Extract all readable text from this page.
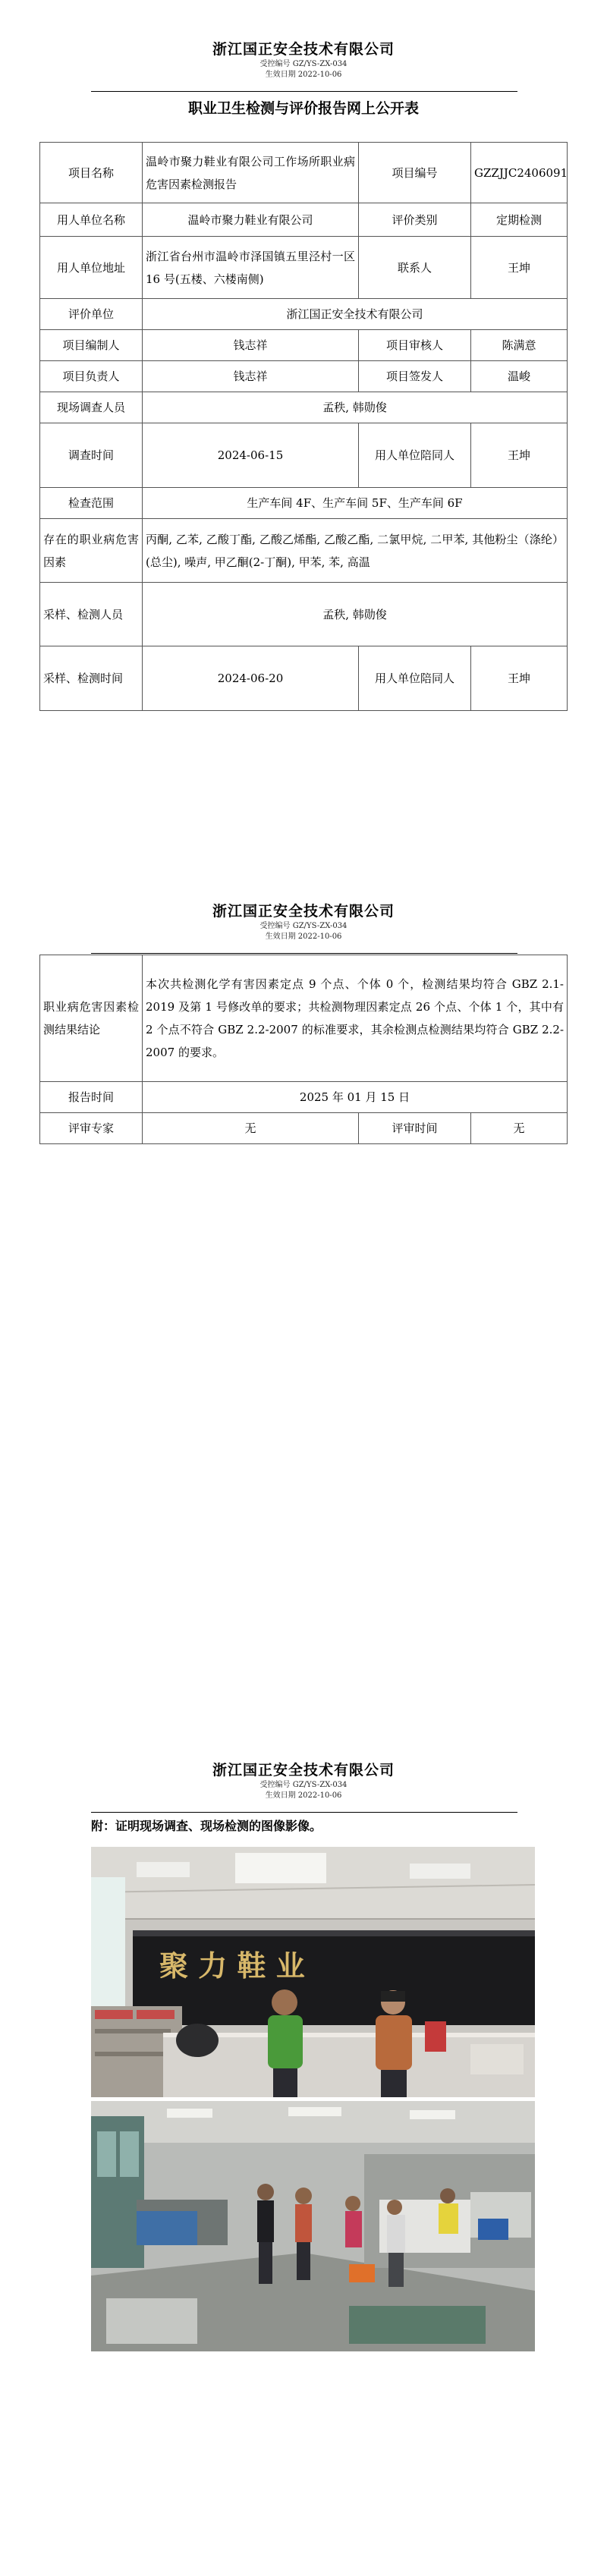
浙江国正安全技术有限公司
受控编号 GZ/YS-ZX-034
生效日期 2022-10-06
职业卫生检测与评价报告网上公开表
项目名称	温岭市聚力鞋业有限公司工作场所职业病危害因素检测报告	项目编号	GZZJJC2406091
用人单位名称	温岭市聚力鞋业有限公司	评价类别	定期检测
用人单位地址	浙江省台州市温岭市泽国镇五里泾村一区 16 号(五楼、六楼南侧)	联系人	王坤
评价单位	浙江国正安全技术有限公司		
项目编制人	钱志祥	项目审核人	陈满意
项目负责人	钱志祥	项目签发人	温峻
现场调查人员	孟秩, 韩勋俊		
调查时间	2024-06-15	用人单位陪同人	王坤
检查范围	生产车间 4F、生产车间 5F、生产车间 6F		
存在的职业病危害因素	丙酮, 乙苯, 乙酸丁酯, 乙酸乙烯酯, 乙酸乙酯, 二氯甲烷, 二甲苯, 其他粉尘（涤纶）(总尘), 噪声, 甲乙酮(2-丁酮), 甲苯, 苯, 高温		
采样、检测人员	孟秩, 韩勋俊		
采样、检测时间	2024-06-20	用人单位陪同人	王坤
浙江国正安全技术有限公司
受控编号 GZ/YS-ZX-034
生效日期 2022-10-06
职业病危害因素检测结果结论	本次共检测化学有害因素定点 9 个点、个体 0 个，检测结果均符合 GBZ 2.1-2019 及第 1 号修改单的要求；共检测物理因素定点 26 个点、个体 1 个，其中有 2 个点不符合 GBZ 2.2-2007 的标准要求，其余检测点检测结果均符合 GBZ 2.2-2007 的要求。		
报告时间	2025 年 01 月 15 日		
评审专家	无	评审时间	无
浙江国正安全技术有限公司
受控编号 GZ/YS-ZX-034
生效日期 2022-10-06
附：证明现场调查、现场检测的图像影像。
聚 力 鞋 业
